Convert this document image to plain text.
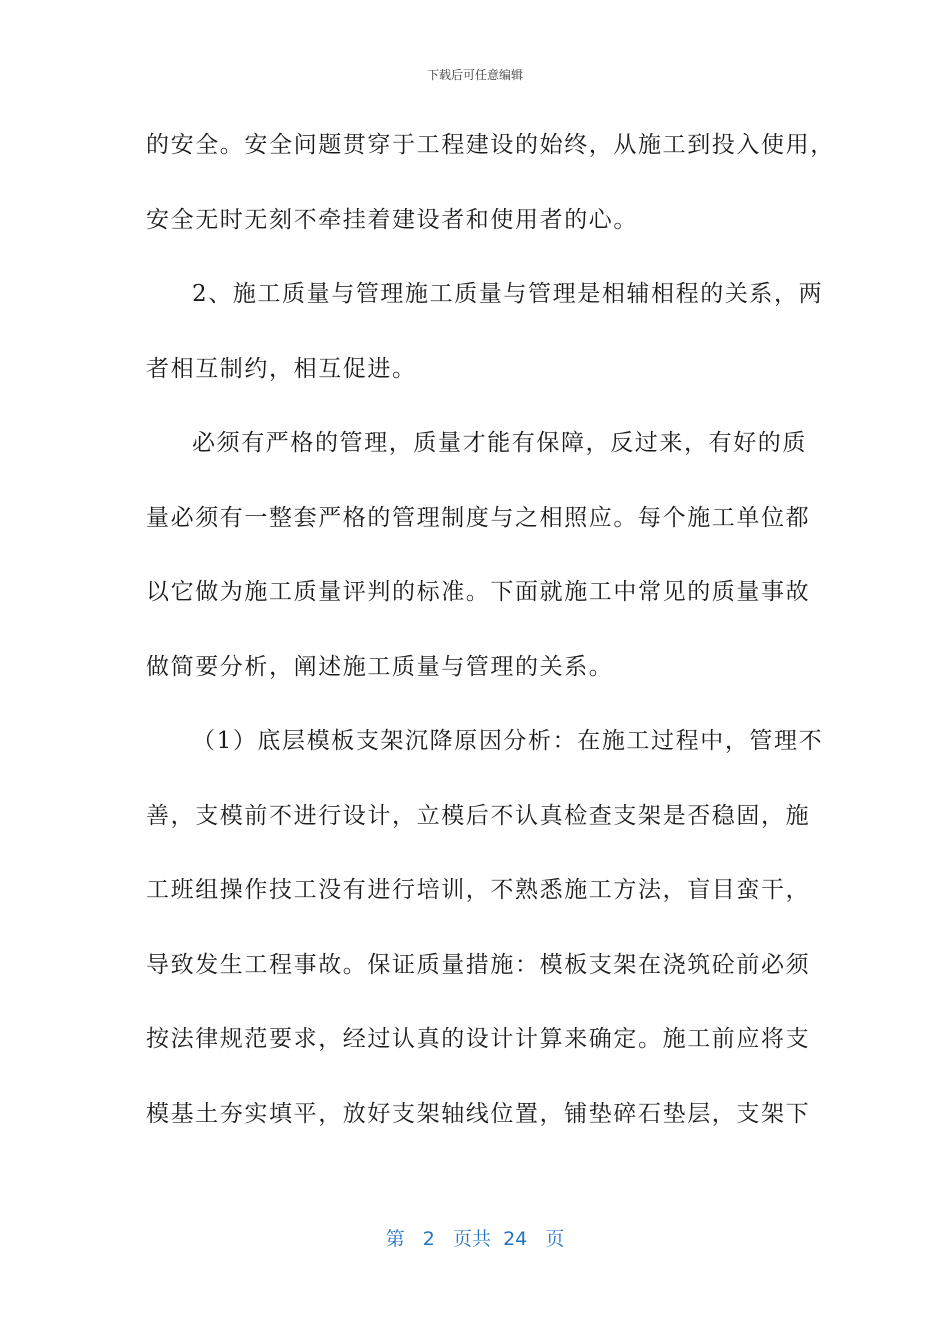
下载后可任意编辑
的安全。安全问题贯穿于工程建设的始终，从施工到投入使用，
安全无时无刻不牵挂着建设者和使用者的心。
2、施工质量与管理施工质量与管理是相辅相程的关系，两
者相互制约，相互促进。
必须有严格的管理，质量才能有保障，反过来，有好的质
量必须有一整套严格的管理制度与之相照应。每个施工单位都
以它做为施工质量评判的标准。下面就施工中常见的质量事故
做简要分析，阐述施工质量与管理的关系。
（1）底层模板支架沉降原因分析：在施工过程中，管理不
善，支模前不进行设计，立模后不认真检查支架是否稳固，施
工班组操作技工没有进行培训，不熟悉施工方法，盲目蛮干，
导致发生工程事故。保证质量措施：模板支架在浇筑砼前必须
按法律规范要求，经过认真的设计计算来确定。施工前应将支
模基土夯实填平，放好支架轴线位置，铺垫碎石垫层，支架下
第 2 页共 24 页
